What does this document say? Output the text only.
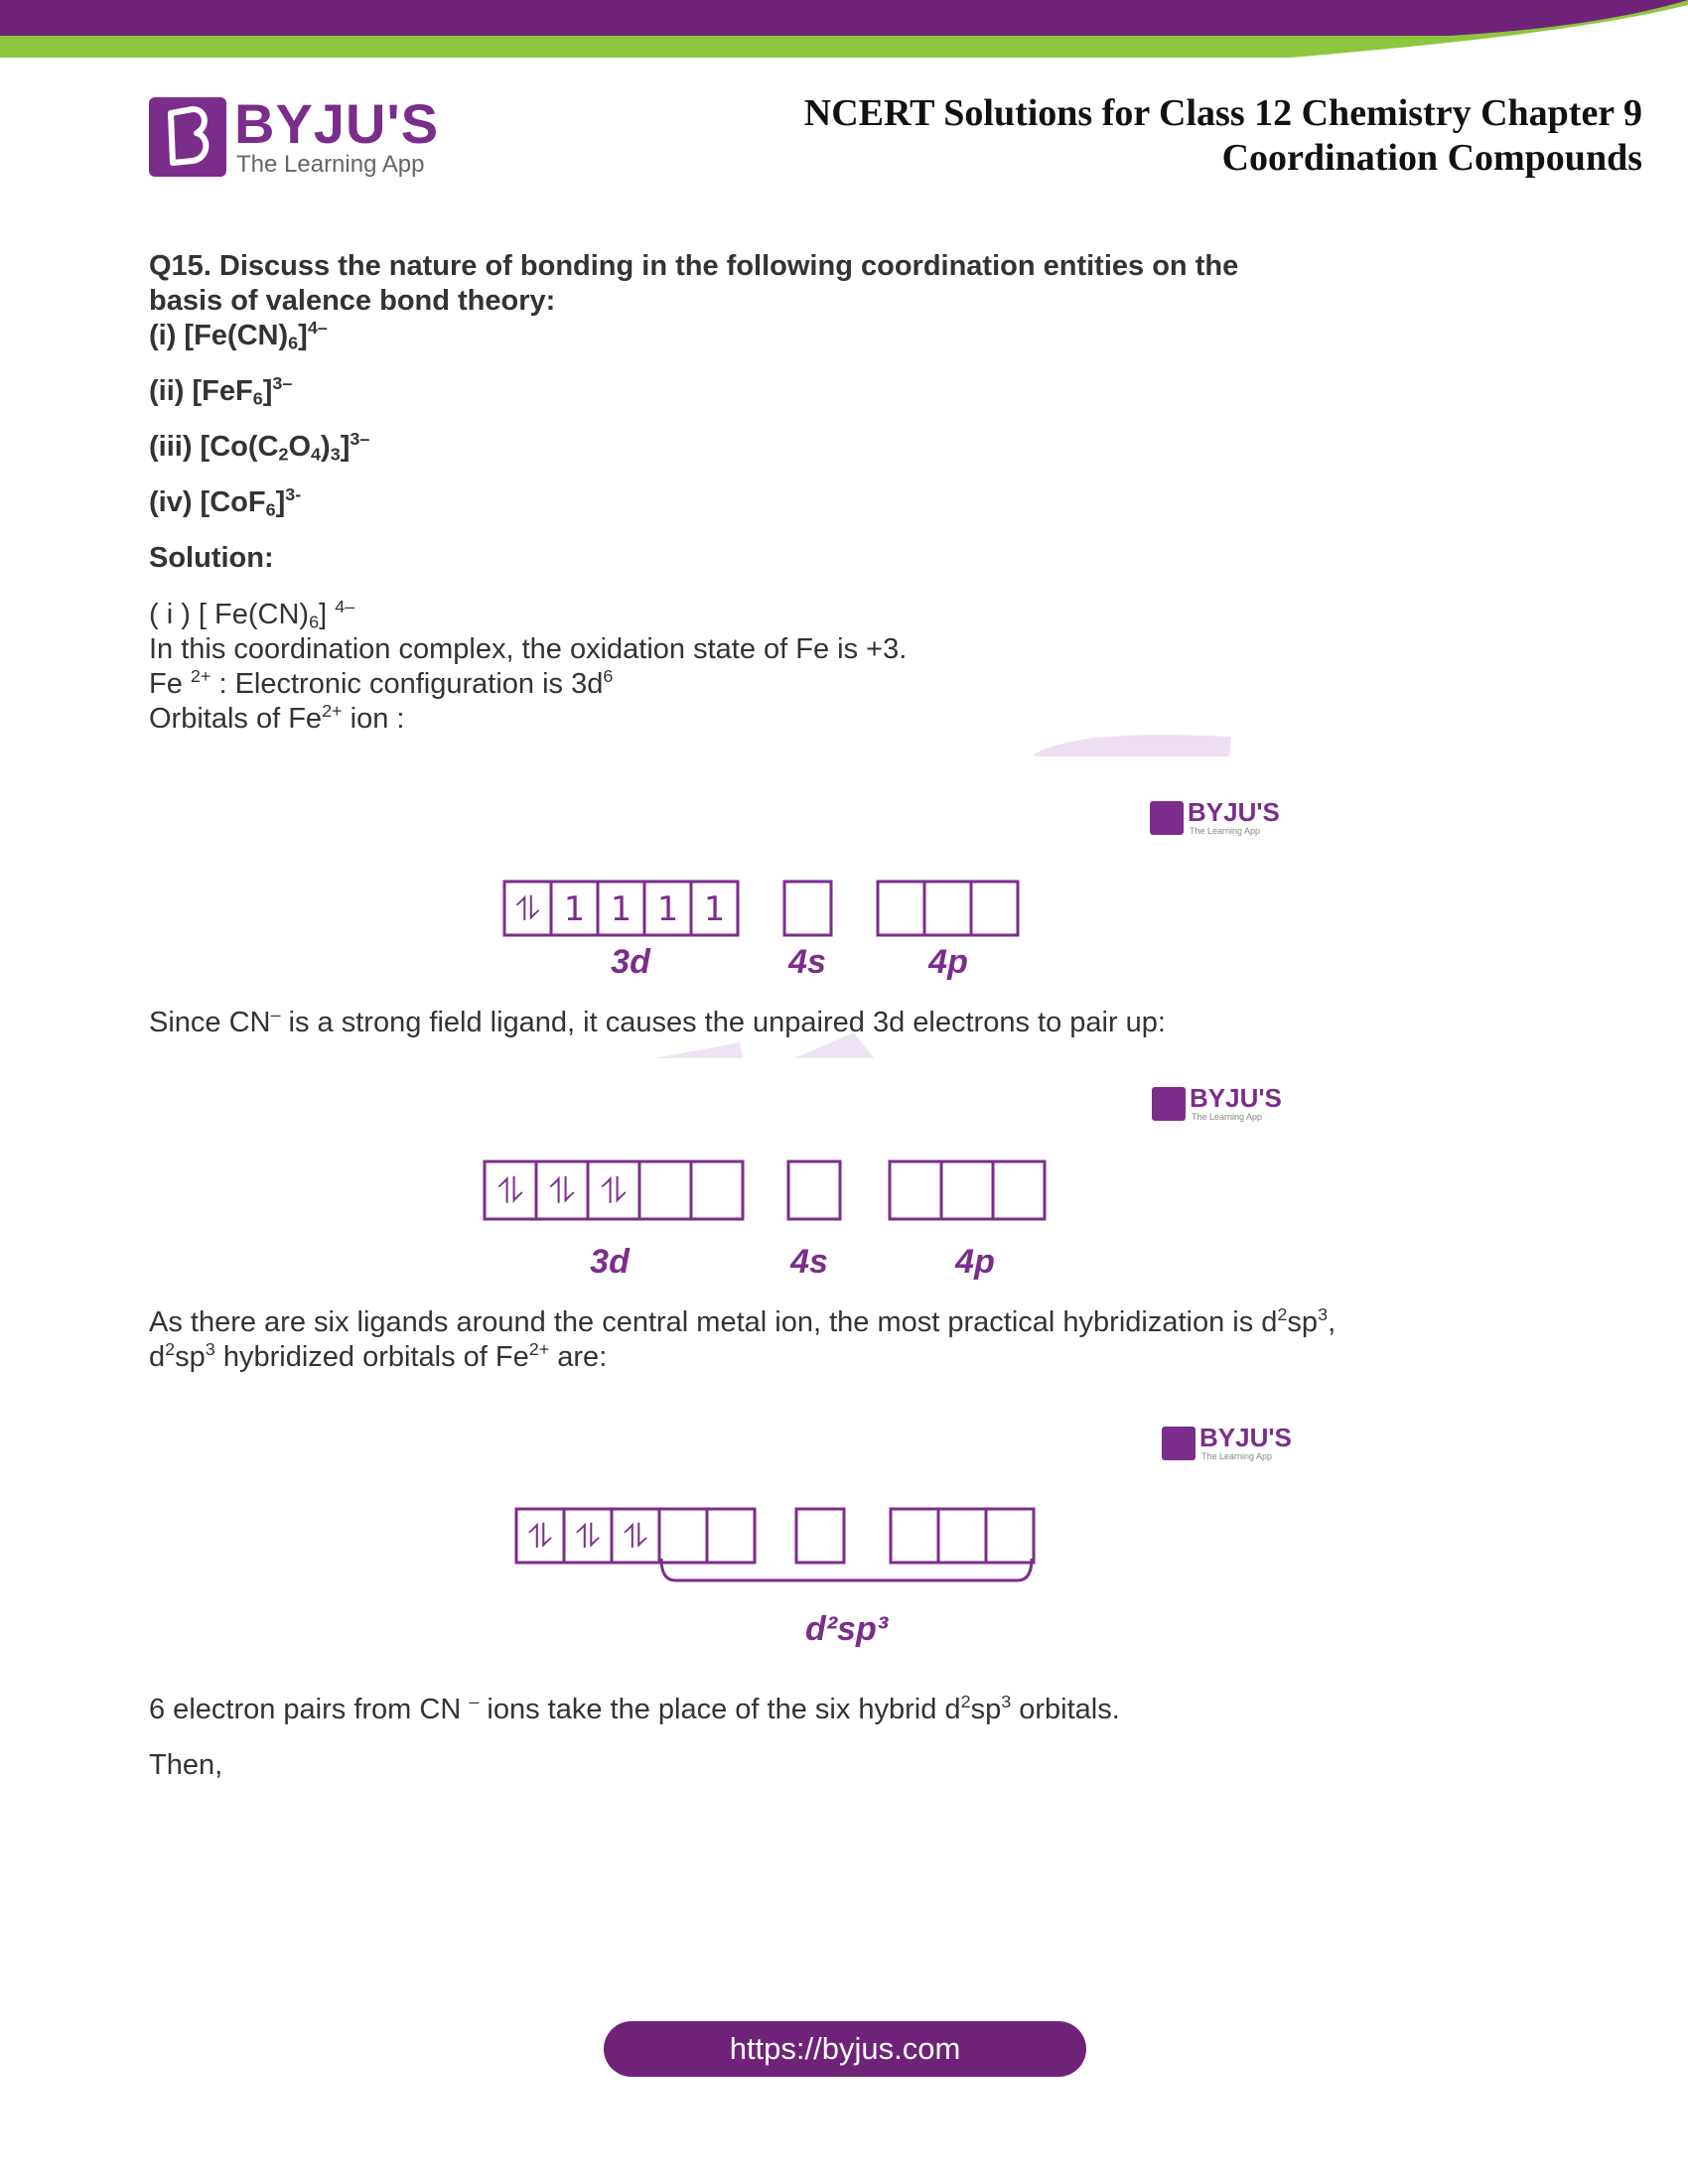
BYJU'S
The Learning App
NCERT Solutions for Class 12 Chemistry Chapter 9
Coordination Compounds
Q15. Discuss the nature of bonding in the following coordination entities on the
basis of valence bond theory:
(i) $[Fe(CN)_6]^{4-}$
(ii) $[FeF_6]^{3-}$
(iii) $[Co(C_2O_4)_3]^{3-}$
(iv) $[CoF_6]^{3-}$
Solution:
( i ) [ $Fe(CN)_6$] $^{4-}$
In this coordination complex, the oxidation state of Fe is +3.
Fe $^{2+}$ : Electronic configuration is $3d^6$
Orbitals of $Fe^{2+}$ ion :
Since CN– is a strong field ligand, it causes the unpaired 3d electrons to pair up:
As there are six ligands around the central metal ion, the most practical hybridization is $d^2sp^3$,
$d^2sp^3$ hybridized orbitals of $Fe^{2+}$ are:
6 electron pairs from CN – ions take the place of the six hybrid $d^2sp^3$ orbitals.
Then,
BYJU'S
The Learning App
BYJU'S
The Learning App
BYJU'S
The Learning App
⥮ 1 1 1 1
3d	4s	4p
⥮ ⥮ ⥮
3d	4s	4p
⥮ ⥮ ⥮
d²sp³
https://byjus.com
